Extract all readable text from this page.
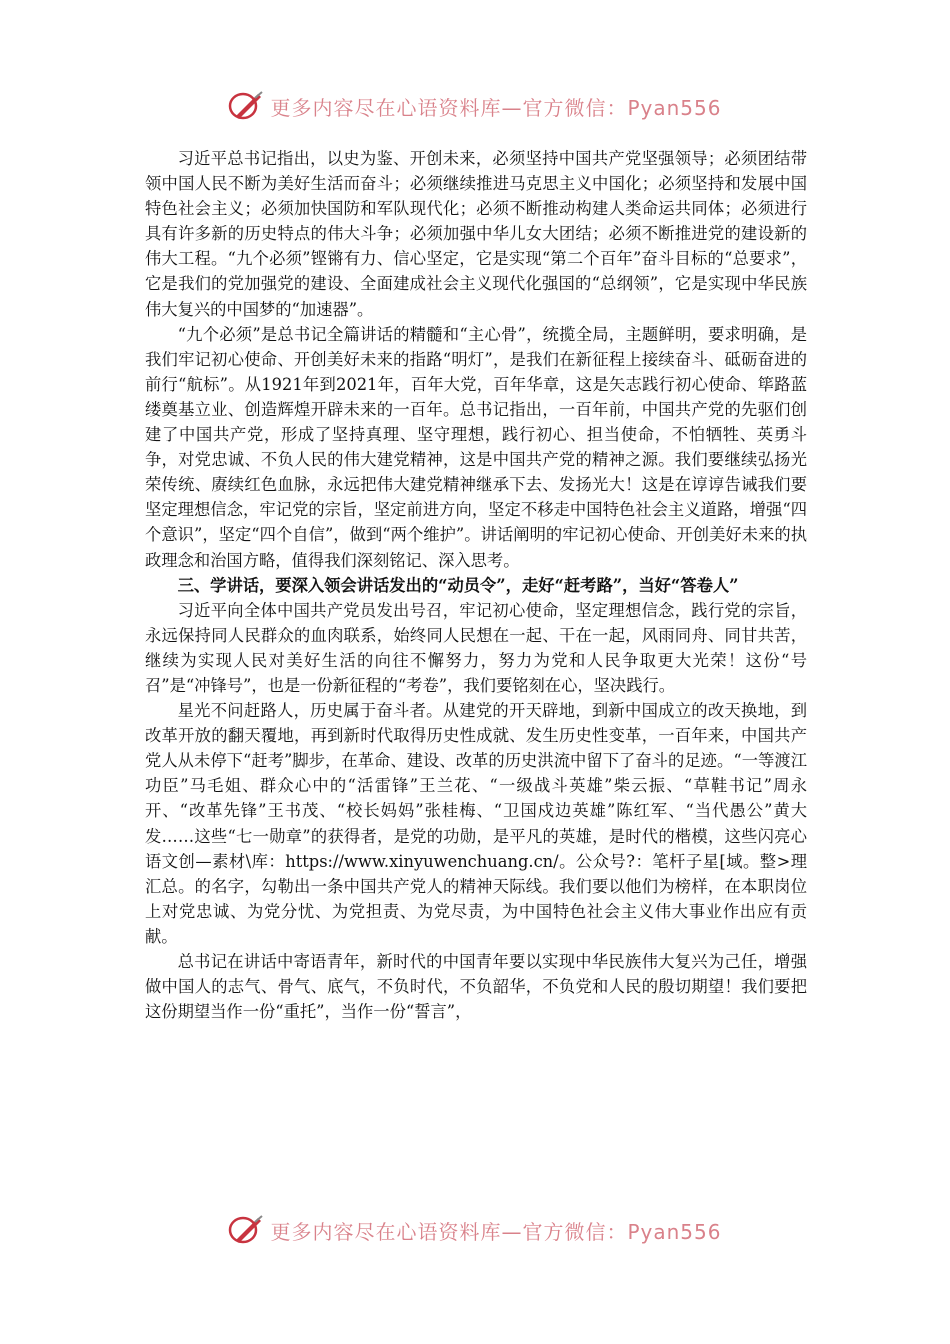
更多内容尽在心语资料库—官方微信：Pyan556

习近平总书记指出，以史为鉴、开创未来，必须坚持中国共产党坚强领导；必须团结带领中国人民不断为美好生活而奋斗；必须继续推进马克思主义中国化；必须坚持和发展中国特色社会主义；必须加快国防和军队现代化；必须不断推动构建人类命运共同体；必须进行具有许多新的历史特点的伟大斗争；必须加强中华儿女大团结；必须不断推进党的建设新的伟大工程。“九个必须”铿锵有力、信心坚定，它是实现“第二个百年”奋斗目标的“总要求”，它是我们的党加强党的建设、全面建成社会主义现代化强国的“总纲领”，它是实现中华民族伟大复兴的中国梦的“加速器”。

“九个必须”是总书记全篇讲话的精髓和“主心骨”，统揽全局，主题鲜明，要求明确，是我们牢记初心使命、开创美好未来的指路“明灯”，是我们在新征程上接续奋斗、砥砺奋进的前行“航标”。从1921年到2021年，百年大党，百年华章，这是矢志践行初心使命、筚路蓝缕奠基立业、创造辉煌开辟未来的一百年。总书记指出，一百年前，中国共产党的先驱们创建了中国共产党，形成了坚持真理、坚守理想，践行初心、担当使命，不怕牺牲、英勇斗争，对党忠诚、不负人民的伟大建党精神，这是中国共产党的精神之源。我们要继续弘扬光荣传统、赓续红色血脉，永远把伟大建党精神继承下去、发扬光大！这是在谆谆告诫我们要坚定理想信念，牢记党的宗旨，坚定前进方向，坚定不移走中国特色社会主义道路，增强“四个意识”，坚定“四个自信”，做到“两个维护”。讲话阐明的牢记初心使命、开创美好未来的执政理念和治国方略，值得我们深刻铭记、深入思考。

三、学讲话，要深入领会讲话发出的“动员令”，走好“赶考路”，当好“答卷人”

习近平向全体中国共产党员发出号召，牢记初心使命，坚定理想信念，践行党的宗旨，永远保持同人民群众的血肉联系，始终同人民想在一起、干在一起，风雨同舟、同甘共苦，继续为实现人民对美好生活的向往不懈努力，努力为党和人民争取更大光荣！这份“号召”是“冲锋号”，也是一份新征程的“考卷”，我们要铭刻在心，坚决践行。

星光不问赶路人，历史属于奋斗者。从建党的开天辟地，到新中国成立的改天换地，到改革开放的翻天覆地，再到新时代取得历史性成就、发生历史性变革，一百年来，中国共产党人从未停下“赶考”脚步，在革命、建设、改革的历史洪流中留下了奋斗的足迹。“一等渡江功臣”马毛姐、群众心中的“活雷锋”王兰花、“一级战斗英雄”柴云振、“草鞋书记”周永开、“改革先锋”王书茂、“校长妈妈”张桂梅、“卫国戍边英雄”陈红军、“当代愚公”黄大发……这些“七一勋章”的获得者，是党的功勋，是平凡的英雄，是时代的楷模，这些闪亮心语文创—素材\库：https://www.xinyuwenchuang.cn/。公众号?：笔杆子星[域。整>理汇总。的名字，勾勒出一条中国共产党人的精神天际线。我们要以他们为榜样，在本职岗位上对党忠诚、为党分忧、为党担责、为党尽责，为中国特色社会主义伟大事业作出应有贡献。

总书记在讲话中寄语青年，新时代的中国青年要以实现中华民族伟大复兴为己任，增强做中国人的志气、骨气、底气，不负时代，不负韶华，不负党和人民的殷切期望！我们要把这份期望当作一份“重托”，当作一份“誓言”，

更多内容尽在心语资料库—官方微信：Pyan556
